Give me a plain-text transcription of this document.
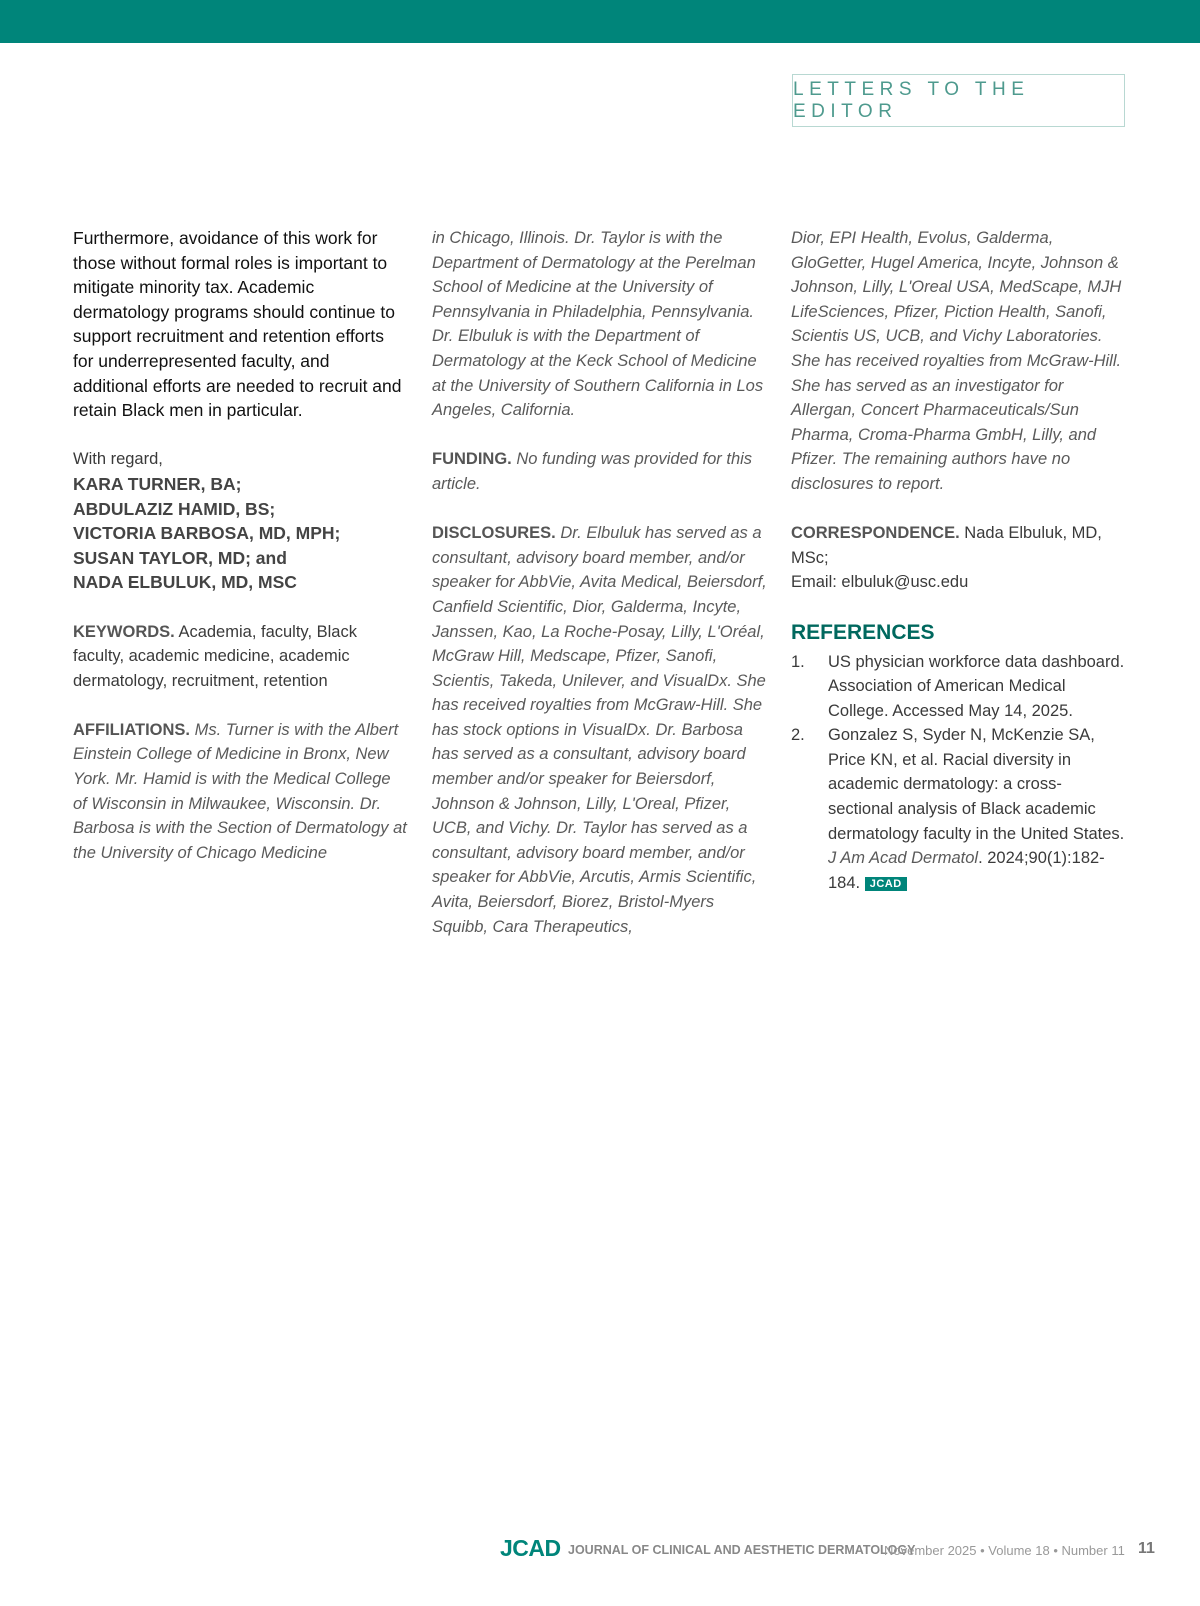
LETTERS TO THE EDITOR

Furthermore, avoidance of this work for those without formal roles is important to mitigate minority tax. Academic dermatology programs should continue to support recruitment and retention efforts for underrepresented faculty, and additional efforts are needed to recruit and retain Black men in particular.

With regard,
KARA TURNER, BA;
ABDULAZIZ HAMID, BS;
VICTORIA BARBOSA, MD, MPH;
SUSAN TAYLOR, MD; and
NADA ELBULUK, MD, MSC

KEYWORDS. Academia, faculty, Black faculty, academic medicine, academic dermatology, recruitment, retention

AFFILIATIONS. Ms. Turner is with the Albert Einstein College of Medicine in Bronx, New York. Mr. Hamid is with the Medical College of Wisconsin in Milwaukee, Wisconsin. Dr. Barbosa is with the Section of Dermatology at the University of Chicago Medicine

in Chicago, Illinois. Dr. Taylor is with the Department of Dermatology at the Perelman School of Medicine at the University of Pennsylvania in Philadelphia, Pennsylvania. Dr. Elbuluk is with the Department of Dermatology at the Keck School of Medicine at the University of Southern California in Los Angeles, California.

FUNDING. No funding was provided for this article.

DISCLOSURES. Dr. Elbuluk has served as a consultant, advisory board member, and/or speaker for AbbVie, Avita Medical, Beiersdorf, Canfield Scientific, Dior, Galderma, Incyte, Janssen, Kao, La Roche-Posay, Lilly, L'Oréal, McGraw Hill, Medscape, Pfizer, Sanofi, Scientis, Takeda, Unilever, and VisualDx. She has received royalties from McGraw-Hill. She has stock options in VisualDx. Dr. Barbosa has served as a consultant, advisory board member and/or speaker for Beiersdorf, Johnson & Johnson, Lilly, L'Oreal, Pfizer, UCB, and Vichy. Dr. Taylor has served as a consultant, advisory board member, and/or speaker for AbbVie, Arcutis, Armis Scientific, Avita, Beiersdorf, Biorez, Bristol-Myers Squibb, Cara Therapeutics,

Dior, EPI Health, Evolus, Galderma, GloGetter, Hugel America, Incyte, Johnson & Johnson, Lilly, L'Oreal USA, MedScape, MJH LifeSciences, Pfizer, Piction Health, Sanofi, Scientis US, UCB, and Vichy Laboratories. She has received royalties from McGraw-Hill. She has served as an investigator for Allergan, Concert Pharmaceuticals/Sun Pharma, Croma-Pharma GmbH, Lilly, and Pfizer. The remaining authors have no disclosures to report.

CORRESPONDENCE. Nada Elbuluk, MD, MSc;
Email: elbuluk@usc.edu

REFERENCES
1. US physician workforce data dashboard. Association of American Medical College. Accessed May 14, 2025.
2. Gonzalez S, Syder N, McKenzie SA, Price KN, et al. Racial diversity in academic dermatology: a cross-sectional analysis of Black academic dermatology faculty in the United States. J Am Acad Dermatol. 2024;90(1):182-184. JCAD
JCAD JOURNAL OF CLINICAL AND AESTHETIC DERMATOLOGY
November 2025 • Volume 18 • Number 11 11
